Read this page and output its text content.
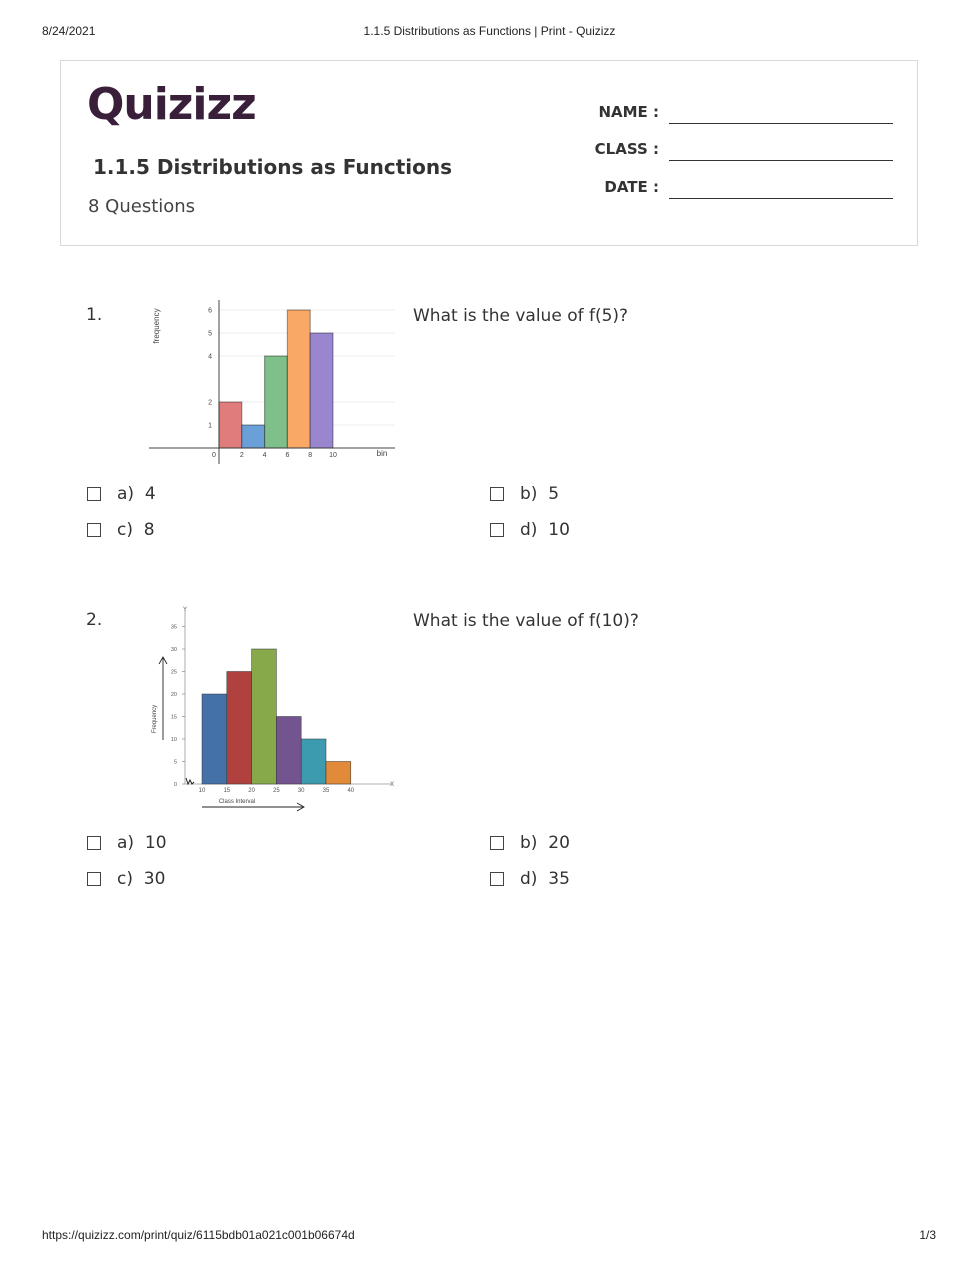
8/24/2021	1.1.5 Distributions as Functions | Print - Quizizz
Quizizz
1.1.5 Distributions as Functions
8 Questions
NAME :
CLASS :
DATE :
1.
0	2	4	6	8 10
1
2
4
5
6
bin
frequency	What is the value of f(5)?
a) 4	b) 5
c) 8	d) 10
2.	Y
X
0
5
10
15
20
25
30
35
10	15	20	25	30	35	40
Class Interval
Frequency
What is the value of f(10)?
a) 10	b) 20
c) 30	d) 35
https://quizizz.com/print/quiz/6115bdb01a021c001b06674d	1/3
